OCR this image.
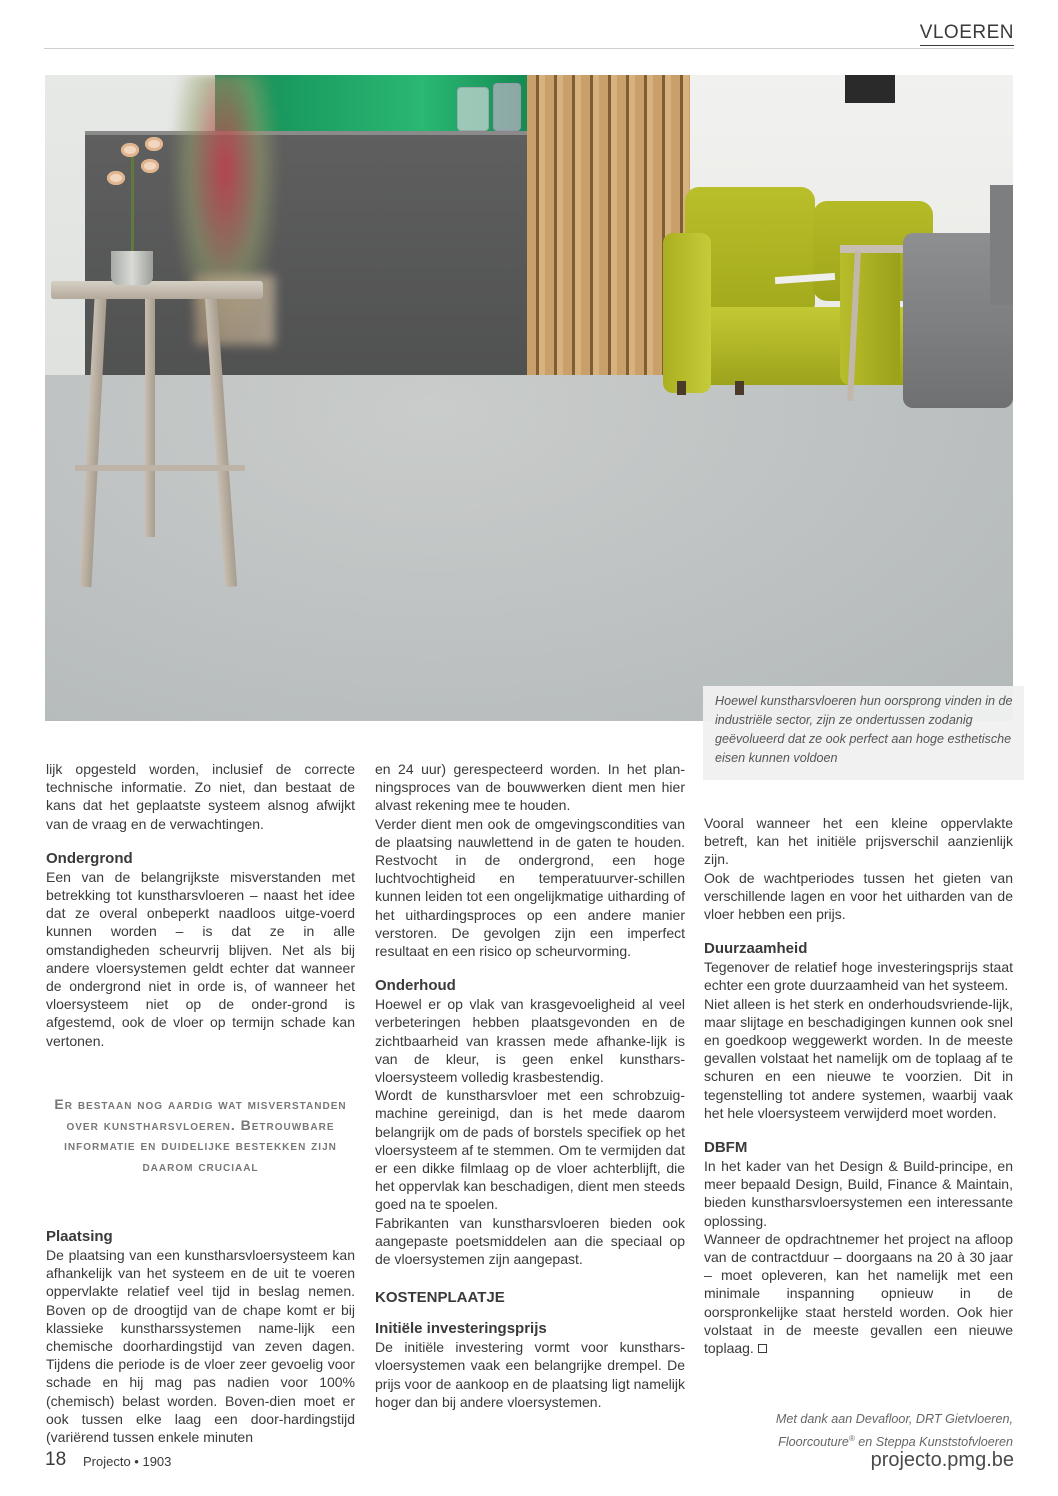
VLOEREN

Hoewel kunstharsvloeren hun oorsprong vinden in de industriële sector, zijn ze ondertussen zodanig geëvolueerd dat ze ook perfect aan hoge esthetische eisen kunnen voldoen

lijk opgesteld worden, inclusief de correcte technische informatie. Zo niet, dan bestaat de kans dat het geplaatste systeem alsnog afwijkt van de vraag en de verwachtingen.

Ondergrond

Een van de belangrijkste misverstanden met betrekking tot kunstharsvloeren – naast het idee dat ze overal onbeperkt naadloos uitge-voerd kunnen worden – is dat ze in alle omstandigheden scheurvrij blijven. Net als bij andere vloersystemen geldt echter dat wanneer de ondergrond niet in orde is, of wanneer het vloersysteem niet op de onder-grond is afgestemd, ook de vloer op termijn schade kan vertonen.

Er bestaan nog aardig wat misverstanden over kunstharsvloeren. Betrouwbare informatie en duidelijke bestekken zijn daarom cruciaal
Plaatsing

De plaatsing van een kunstharsvloersysteem kan afhankelijk van het systeem en de uit te voeren oppervlakte relatief veel tijd in beslag nemen. Boven op de droogtijd van de chape komt er bij klassieke kunstharssystemen name-lijk een chemische doorhardingstijd van zeven dagen. Tijdens die periode is de vloer zeer gevoelig voor schade en hij mag pas nadien voor 100% (chemisch) belast worden. Boven-dien moet er ook tussen elke laag een door-hardingstijd (variërend tussen enkele minuten

en 24 uur) gerespecteerd worden. In het plan-ningsproces van de bouwwerken dient men hier alvast rekening mee te houden.

Verder dient men ook de omgevingscondities van de plaatsing nauwlettend in de gaten te houden. Restvocht in de ondergrond, een hoge luchtvochtigheid en temperatuurver-schillen kunnen leiden tot een ongelijkmatige uitharding of het uithardingsproces op een andere manier verstoren. De gevolgen zijn een imperfect resultaat en een risico op scheurvorming.

Onderhoud

Hoewel er op vlak van krasgevoeligheid al veel verbeteringen hebben plaatsgevonden en de zichtbaarheid van krassen mede afhanke-lijk is van de kleur, is geen enkel kunsthars-vloersysteem volledig krasbestendig.

Wordt de kunstharsvloer met een schrobzuig-machine gereinigd, dan is het mede daarom belangrijk om de pads of borstels specifiek op het vloersysteem af te stemmen. Om te vermijden dat er een dikke filmlaag op de vloer achterblijft, die het oppervlak kan beschadigen, dient men steeds goed na te spoelen.

Fabrikanten van kunstharsvloeren bieden ook aangepaste poetsmiddelen aan die speciaal op de vloersystemen zijn aangepast.

KOSTENPLAATJE
Initiële investeringsprijs

De initiële investering vormt voor kunsthars-vloersystemen vaak een belangrijke drempel. De prijs voor de aankoop en de plaatsing ligt namelijk hoger dan bij andere vloersystemen.

Vooral wanneer het een kleine oppervlakte betreft, kan het initiële prijsverschil aanzienlijk zijn.

Ook de wachtperiodes tussen het gieten van verschillende lagen en voor het uitharden van de vloer hebben een prijs.

Duurzaamheid

Tegenover de relatief hoge investeringsprijs staat echter een grote duurzaamheid van het systeem.

Niet alleen is het sterk en onderhoudsvriende-lijk, maar slijtage en beschadigingen kunnen ook snel en goedkoop weggewerkt worden. In de meeste gevallen volstaat het namelijk om de toplaag af te schuren en een nieuwe te voorzien. Dit in tegenstelling tot andere systemen, waarbij vaak het hele vloersysteem verwijderd moet worden.

DBFM

In het kader van het Design & Build-principe, en meer bepaald Design, Build, Finance & Maintain, bieden kunstharsvloersystemen een interessante oplossing.

Wanneer de opdrachtnemer het project na afloop van de contractduur – doorgaans na 20 à 30 jaar – moet opleveren, kan het namelijk met een minimale inspanning opnieuw in de oorspronkelijke staat hersteld worden. Ook hier volstaat in de meeste gevallen een nieuwe toplaag.

Met dank aan Devafloor, DRT Gietvloeren,
Floorcouture® en Steppa Kunststofvloeren
18 Projecto • 1903	projecto.pmg.be
